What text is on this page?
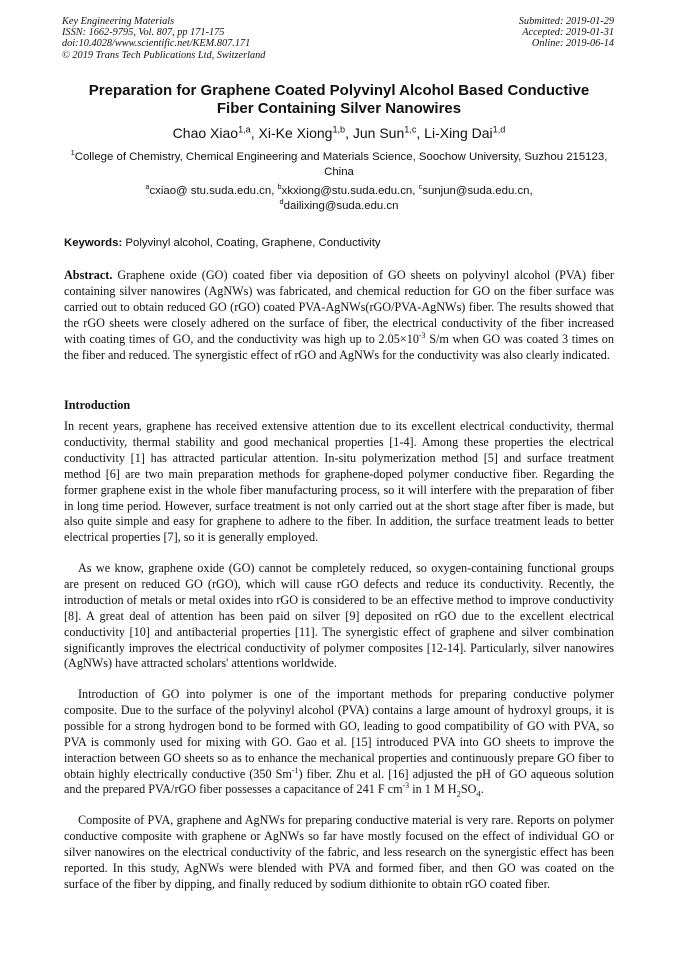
Key Engineering Materials
ISSN: 1662-9795, Vol. 807, pp 171-175
doi:10.4028/www.scientific.net/KEM.807.171
© 2019 Trans Tech Publications Ltd, Switzerland
Submitted: 2019-01-29
Accepted: 2019-01-31
Online: 2019-06-14
Preparation for Graphene Coated Polyvinyl Alcohol Based Conductive
Fiber Containing Silver Nanowires
Chao Xiao$^{1,a}$, Xi-Ke Xiong$^{1,b}$, Jun Sun$^{1,c}$, Li-Xing Dai$^{1,d}$
$^1$College of Chemistry, Chemical Engineering and Materials Science, Soochow University, Suzhou 215123, China
$^a$cxiao@ stu.suda.edu.cn, $^b$xkxiong@stu.suda.edu.cn, $^c$sunjun@suda.edu.cn,
$^d$dailixing@suda.edu.cn
Keywords: Polyvinyl alcohol, Coating, Graphene, Conductivity

Abstract. Graphene oxide (GO) coated fiber via deposition of GO sheets on polyvinyl alcohol (PVA) fiber containing silver nanowires (AgNWs) was fabricated, and chemical reduction for GO on the fiber surface was carried out to obtain reduced GO (rGO) coated PVA-AgNWs(rGO/PVA-AgNWs) fiber. The results showed that the rGO sheets were closely adhered on the surface of fiber, the electrical conductivity of the fiber increased with coating times of GO, and the conductivity was high up to $2.05\times 10^{-3}$ S/m when GO was coated 3 times on the fiber and reduced. The synergistic effect of rGO and AgNWs for the conductivity was also clearly indicated.

Introduction

In recent years, graphene has received extensive attention due to its excellent electrical conductivity, thermal conductivity, thermal stability and good mechanical properties [1-4]. Among these properties the electrical conductivity [1] has attracted particular attention. In-situ polymerization method [5] and surface treatment method [6] are two main preparation methods for graphene-doped polymer conductive fiber. Regarding the former graphene exist in the whole fiber manufacturing process, so it will interfere with the preparation of fiber in long time period. However, surface treatment is not only carried out at the short stage after fiber is made, but also quite simple and easy for graphene to adhere to the fiber. In addition, the surface treatment leads to better electrical properties [7], so it is generally employed.

As we know, graphene oxide (GO) cannot be completely reduced, so oxygen-containing functional groups are present on reduced GO (rGO), which will cause rGO defects and reduce its conductivity. Recently, the introduction of metals or metal oxides into rGO is considered to be an effective method to improve conductivity [8]. A great deal of attention has been paid on silver [9] deposited on rGO due to the excellent electrical conductivity [10] and antibacterial properties [11]. The synergistic effect of graphene and silver combination significantly improves the electrical conductivity of polymer composites [12-14]. Particularly, silver nanowires (AgNWs) have attracted scholars' attentions worldwide.

Introduction of GO into polymer is one of the important methods for preparing conductive polymer composite. Due to the surface of the polyvinyl alcohol (PVA) contains a large amount of hydroxyl groups, it is possible for a strong hydrogen bond to be formed with GO, leading to good compatibility of GO with PVA, so PVA is commonly used for mixing with GO. Gao et al. [15] introduced PVA into GO sheets to improve the interaction between GO sheets so as to enhance the mechanical properties and continuously prepare GO fiber to obtain highly electrically conductive (350 $Sm^{-1}$) fiber. Zhu et al. [16] adjusted the pH of GO aqueous solution and the prepared PVA/rGO fiber possesses a capacitance of 241 F $cm^{-3}$ in 1 M $H_2SO_4$.

Composite of PVA, graphene and AgNWs for preparing conductive material is very rare. Reports on polymer conductive composite with graphene or AgNWs so far have mostly focused on the effect of individual GO or silver nanowires on the electrical conductivity of the fabric, and less research on the synergistic effect has been reported. In this study, AgNWs were blended with PVA and formed fiber, and then GO was coated on the surface of the fiber by dipping, and finally reduced by sodium dithionite to obtain rGO coated fiber.
